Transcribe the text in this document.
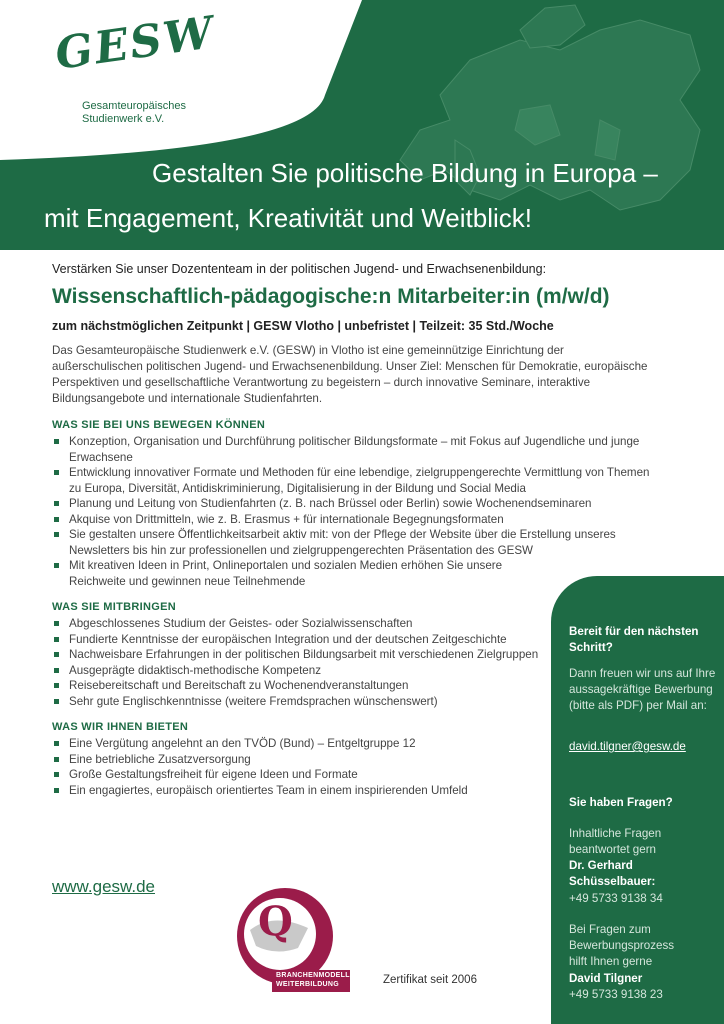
GESW
Gesamteuropäisches
Studienwerk e.V.
Gestalten Sie politische Bildung in Europa –
mit Engagement, Kreativität und Weitblick!

Verstärken Sie unser Dozententeam in der politischen Jugend- und Erwachsenenbildung:

Wissenschaftlich-pädagogische:n Mitarbeiter:in (m/w/d)

zum nächstmöglichen Zeitpunkt | GESW Vlotho | unbefristet | Teilzeit: 35 Std./Woche

Das Gesamteuropäische Studienwerk e.V. (GESW) in Vlotho ist eine gemeinnützige Einrichtung der außerschulischen politischen Jugend- und Erwachsenenbildung. Unser Ziel: Menschen für Demokratie, europäische Perspektiven und gesellschaftliche Verantwortung zu begeistern – durch innovative Seminare, interaktive Bildungsangebote und internationale Studienfahrten.

WAS SIE BEI UNS BEWEGEN KÖNNEN
Konzeption, Organisation und Durchführung politischer Bildungsformate – mit Fokus auf Jugendliche und junge Erwachsene
Entwicklung innovativer Formate und Methoden für eine lebendige, zielgruppengerechte Vermittlung von Themen zu Europa, Diversität, Antidiskriminierung, Digitalisierung in der Bildung und Social Media
Planung und Leitung von Studienfahrten (z. B. nach Brüssel oder Berlin) sowie Wochenendseminaren
Akquise von Drittmitteln, wie z. B. Erasmus + für internationale Begegnungsformaten
Sie gestalten unsere Öffentlichkeitsarbeit aktiv mit: von der Pflege der Website über die Erstellung unseres Newsletters bis hin zur professionellen und zielgruppengerechten Präsentation des GESW
Mit kreativen Ideen in Print, Onlineportalen und sozialen Medien erhöhen Sie unsere Reichweite und gewinnen neue Teilnehmende
WAS SIE MITBRINGEN
Abgeschlossenes Studium der Geistes- oder Sozialwissenschaften
Fundierte Kenntnisse der europäischen Integration und der deutschen Zeitgeschichte
Nachweisbare Erfahrungen in der politischen Bildungsarbeit mit verschiedenen Zielgruppen
Ausgeprägte didaktisch-methodische Kompetenz
Reisebereitschaft und Bereitschaft zu Wochenendveranstaltungen
Sehr gute Englischkenntnisse (weitere Fremdsprachen wünschenswert)
WAS WIR IHNEN BIETEN
Eine Vergütung angelehnt an den TVÖD (Bund) – Entgeltgruppe 12
Eine betriebliche Zusatzversorgung
Große Gestaltungsfreiheit für eigene Ideen und Formate
Ein engagiertes, europäisch orientiertes Team in einem inspirierenden Umfeld
www.gesw.de
Q
BRANCHENMODELL
WEITERBILDUNG	Zertifikat seit 2006
Bereit für den nächsten Schritt?
Dann freuen wir uns auf Ihre aussagekräftige Bewerbung (bitte als PDF) per Mail an:
david.tilgner@gesw.de
Sie haben Fragen?
Inhaltliche Fragen beantwortet gern
Dr. Gerhard Schüsselbauer:
+49 5733 9138 34
Bei Fragen zum Bewerbungsprozess hilft Ihnen gerne
David Tilgner
+49 5733 9138 23
